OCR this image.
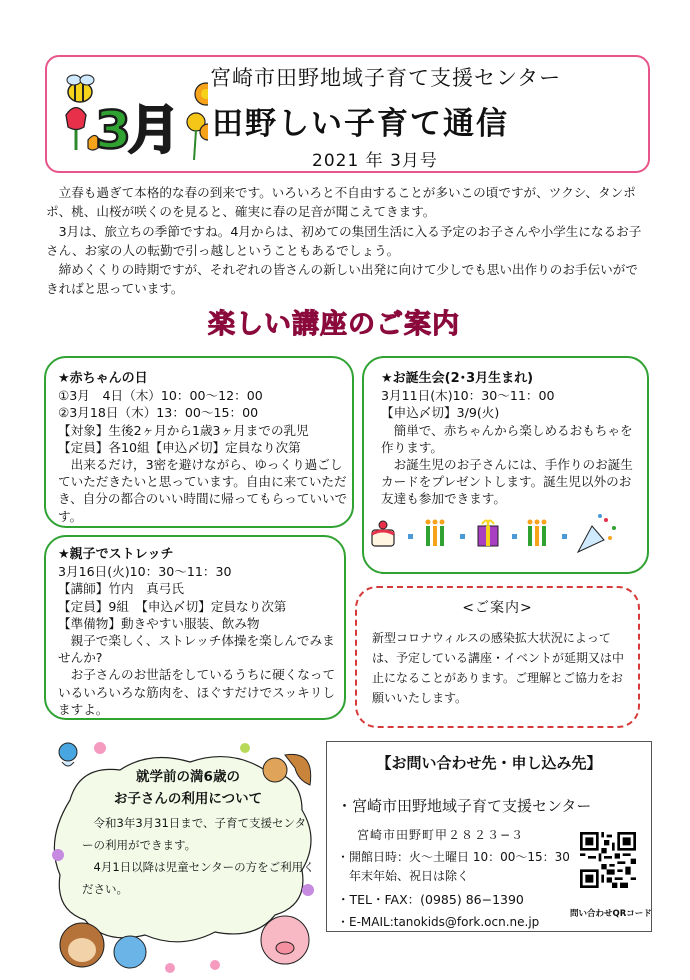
3月
宮崎市田野地域子育て支援センター
田野しい子育て通信
2021 年 3月号

立春も過ぎて本格的な春の到来です。いろいろと不自由することが多いこの頃ですが、ツクシ、タンポポ、桃、山桜が咲くのを見ると、確実に春の足音が聞こえてきます。

3月は、旅立ちの季節ですね。4月からは、初めての集団生活に入る予定のお子さんや小学生になるお子さん、お家の人の転勤で引っ越しということもあるでしょう。

締めくくりの時期ですが、それぞれの皆さんの新しい出発に向けて少しでも思い出作りのお手伝いができればと思っています。

楽しい講座のご案内
★赤ちゃんの日
①3月　4日（木）10：00〜12：00
②3月18日（木）13：00〜15：00
【対象】生後2ヶ月から1歳3ヶ月までの乳児
【定員】各10組【申込〆切】定員なり次第
出来るだけ，3密を避けながら、ゆっくり過ごしていただきたいと思っています。自由に来ていただき、自分の都合のいい時間に帰ってもらっていいです。
★親子でストレッチ
3月16日(火)10：30〜11：30
【講師】竹内　真弓氏
【定員】9組　【申込〆切】定員なり次第
【準備物】動きやすい服装、飲み物
親子で楽しく、ストレッチ体操を楽しんでみませんか?
お子さんのお世話をしているうちに硬くなっているいろいろな筋肉を、ほぐすだけでスッキリしますよ。
★お誕生会(2･3月生まれ)
3月11日(木)10：30〜11：00
【申込〆切】3/9(火)
簡単で、赤ちゃんから楽しめるおもちゃを作ります。
お誕生児のお子さんには、手作りのお誕生カードをプレゼントします。誕生児以外のお友達も参加できます。
<ご案内>
新型コロナウィルスの感染拡大状況によっては、予定している講座・イベントが延期又は中止になることがあります。ご理解とご協力をお願いいたします。
就学前の満6歳の
お子さんの利用について
令和3年3月31日まで、子育て支援センターの利用ができます。
4月1日以降は児童センターの方をご利用ください。
【お問い合わせ先・申し込み先】
・宮崎市田野地域子育て支援センター
宮崎市田野町甲２８２３−３
・開館日時：火〜土曜日 10：00〜15：30
　年末年始、祝日は除く
・TEL・FAX：(0985) 86−1390
・E-MAIL:tanokids@fork.ocn.ne.jp
問い合わせQRコード
